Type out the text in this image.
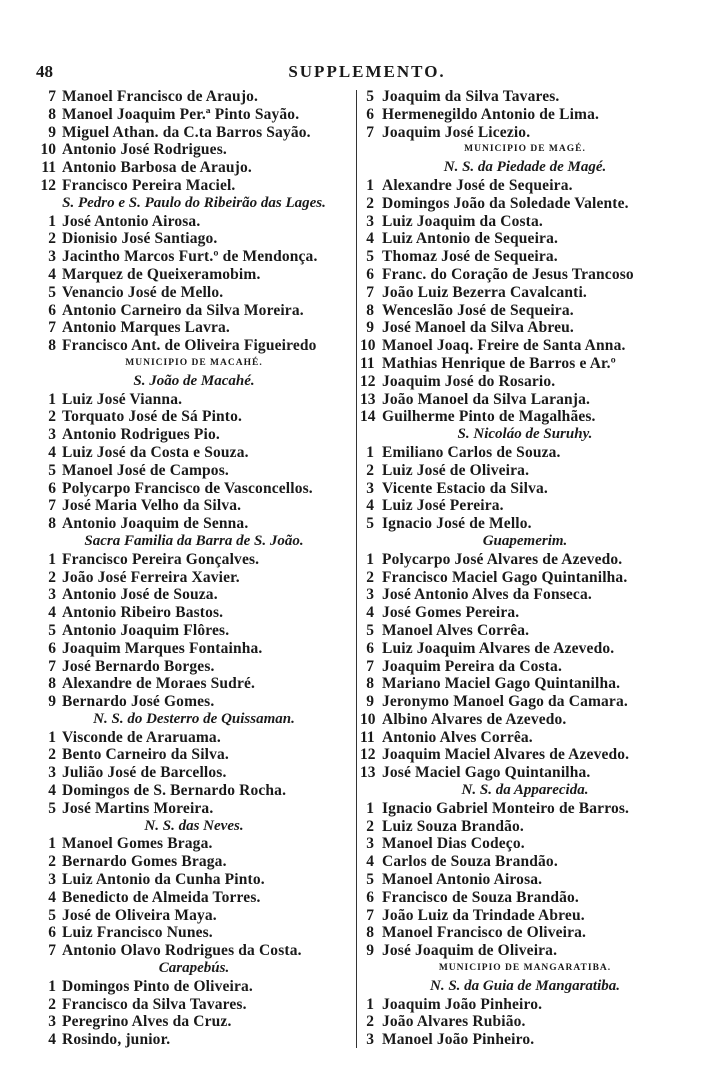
48	SUPPLEMENTO.
7 Manoel Francisco de Araujo.
8 Manoel Joaquim Per.ª Pinto Sayão.
9 Miguel Athan. da C.ta Barros Sayão.
10 Antonio José Rodrigues.
11 Antonio Barbosa de Araujo.
12 Francisco Pereira Maciel.
S. Pedro e S. Paulo do Ribeirão das Lages.
1 José Antonio Airosa.
2 Dionisio José Santiago.
3 Jacintho Marcos Furt.º de Mendonça.
4 Marquez de Queixeramobim.
5 Venancio José de Mello.
6 Antonio Carneiro da Silva Moreira.
7 Antonio Marques Lavra.
8 Francisco Ant. de Oliveira Figueiredo
MUNICIPIO DE MACAHÉ.
S. João de Macahé.
1 Luiz José Vianna.
2 Torquato José de Sá Pinto.
3 Antonio Rodrigues Pio.
4 Luiz José da Costa e Souza.
5 Manoel José de Campos.
6 Polycarpo Francisco de Vasconcellos.
7 José Maria Velho da Silva.
8 Antonio Joaquim de Senna.
Sacra Familia da Barra de S. João.
1 Francisco Pereira Gonçalves.
2 João José Ferreira Xavier.
3 Antonio José de Souza.
4 Antonio Ribeiro Bastos.
5 Antonio Joaquim Flôres.
6 Joaquim Marques Fontainha.
7 José Bernardo Borges.
8 Alexandre de Moraes Sudré.
9 Bernardo José Gomes.
N. S. do Desterro de Quissaman.
1 Visconde de Araruama.
2 Bento Carneiro da Silva.
3 Julião José de Barcellos.
4 Domingos de S. Bernardo Rocha.
5 José Martins Moreira.
N. S. das Neves.
1 Manoel Gomes Braga.
2 Bernardo Gomes Braga.
3 Luiz Antonio da Cunha Pinto.
4 Benedicto de Almeida Torres.
5 José de Oliveira Maya.
6 Luiz Francisco Nunes.
7 Antonio Olavo Rodrigues da Costa.
Carapebús.
1 Domingos Pinto de Oliveira.
2 Francisco da Silva Tavares.
3 Peregrino Alves da Cruz.
4 Rosindo, junior.
5 Joaquim da Silva Tavares.
6 Hermenegildo Antonio de Lima.
7 Joaquim José Licezio.
MUNICIPIO DE MAGÉ.
N. S. da Piedade de Magé.
1 Alexandre José de Sequeira.
2 Domingos João da Soledade Valente.
3 Luiz Joaquim da Costa.
4 Luiz Antonio de Sequeira.
5 Thomaz José de Sequeira.
6 Franc. do Coração de Jesus Trancoso
7 João Luiz Bezerra Cavalcanti.
8 Wenceslão José de Sequeira.
9 José Manoel da Silva Abreu.
10 Manoel Joaq. Freire de Santa Anna.
11 Mathias Henrique de Barros e Ar.º
12 Joaquim José do Rosario.
13 João Manoel da Silva Laranja.
14 Guilherme Pinto de Magalhães.
S. Nicoláo de Suruhy.
1 Emiliano Carlos de Souza.
2 Luiz José de Oliveira.
3 Vicente Estacio da Silva.
4 Luiz José Pereira.
5 Ignacio José de Mello.
Guapemerim.
1 Polycarpo José Alvares de Azevedo.
2 Francisco Maciel Gago Quintanilha.
3 José Antonio Alves da Fonseca.
4 José Gomes Pereira.
5 Manoel Alves Corrêa.
6 Luiz Joaquim Alvares de Azevedo.
7 Joaquim Pereira da Costa.
8 Mariano Maciel Gago Quintanilha.
9 Jeronymo Manoel Gago da Camara.
10 Albino Alvares de Azevedo.
11 Antonio Alves Corrêa.
12 Joaquim Maciel Alvares de Azevedo.
13 José Maciel Gago Quintanilha.
N. S. da Apparecida.
1 Ignacio Gabriel Monteiro de Barros.
2 Luiz Souza Brandão.
3 Manoel Dias Codeço.
4 Carlos de Souza Brandão.
5 Manoel Antonio Airosa.
6 Francisco de Souza Brandão.
7 João Luiz da Trindade Abreu.
8 Manoel Francisco de Oliveira.
9 José Joaquim de Oliveira.
MUNICIPIO DE MANGARATIBA.
N. S. da Guia de Mangaratiba.
1 Joaquim João Pinheiro.
2 João Alvares Rubião.
3 Manoel João Pinheiro.
